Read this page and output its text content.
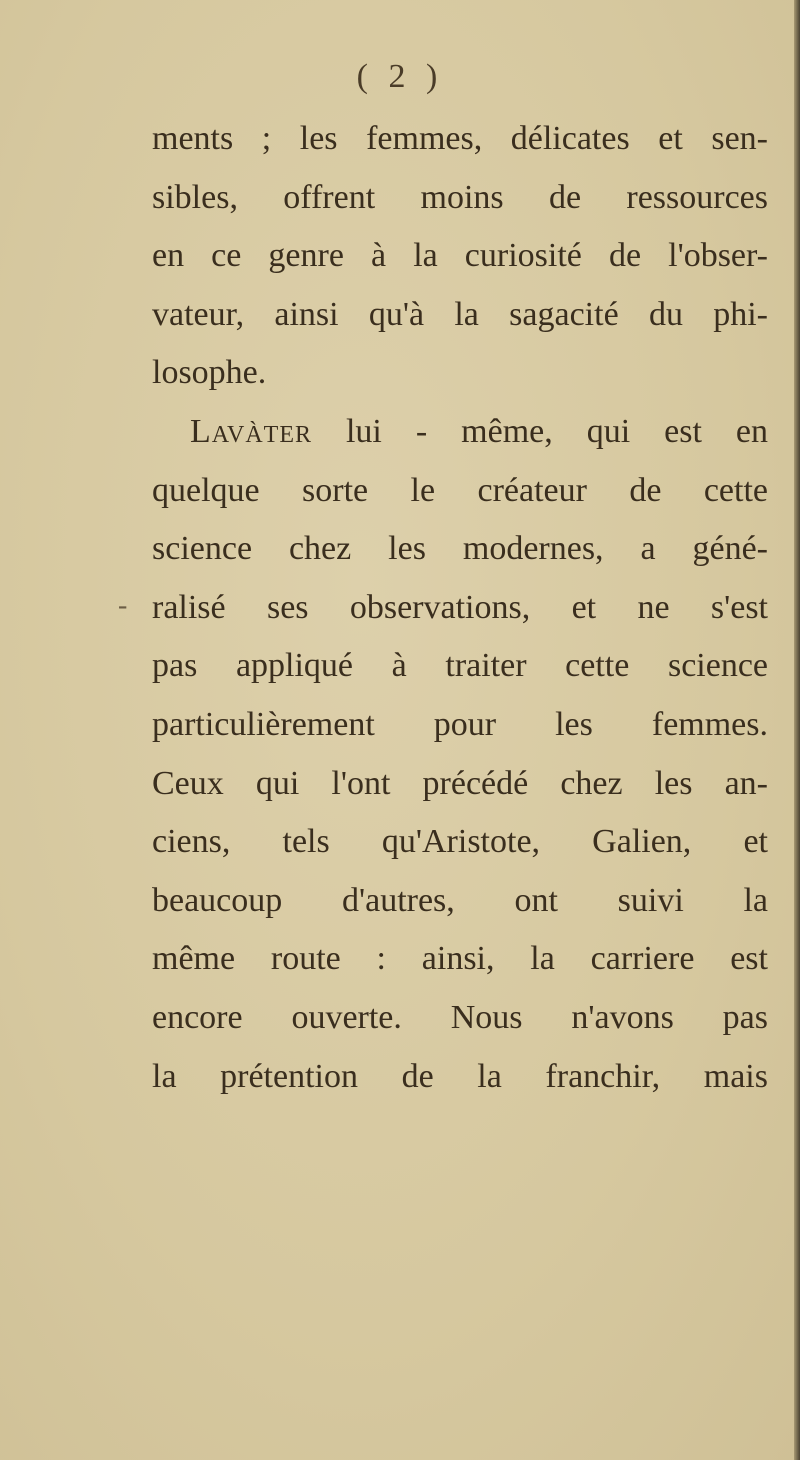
( 2 )
-
ments ; les femmes, délicates et sen-
sibles, offrent moins de ressources
en ce genre à la curiosité de l'obser-
vateur, ainsi qu'à la sagacité du phi-
losophe.
Lavàter lui - même, qui est en
quelque sorte le créateur de cette
science chez les modernes, a géné-
ralisé ses observations, et ne s'est
pas appliqué à traiter cette science
particulièrement pour les femmes.
Ceux qui l'ont précédé chez les an-
ciens, tels qu'Aristote, Galien, et
beaucoup d'autres, ont suivi la
même route : ainsi, la carriere est
encore ouverte. Nous n'avons pas
la prétention de la franchir, mais
